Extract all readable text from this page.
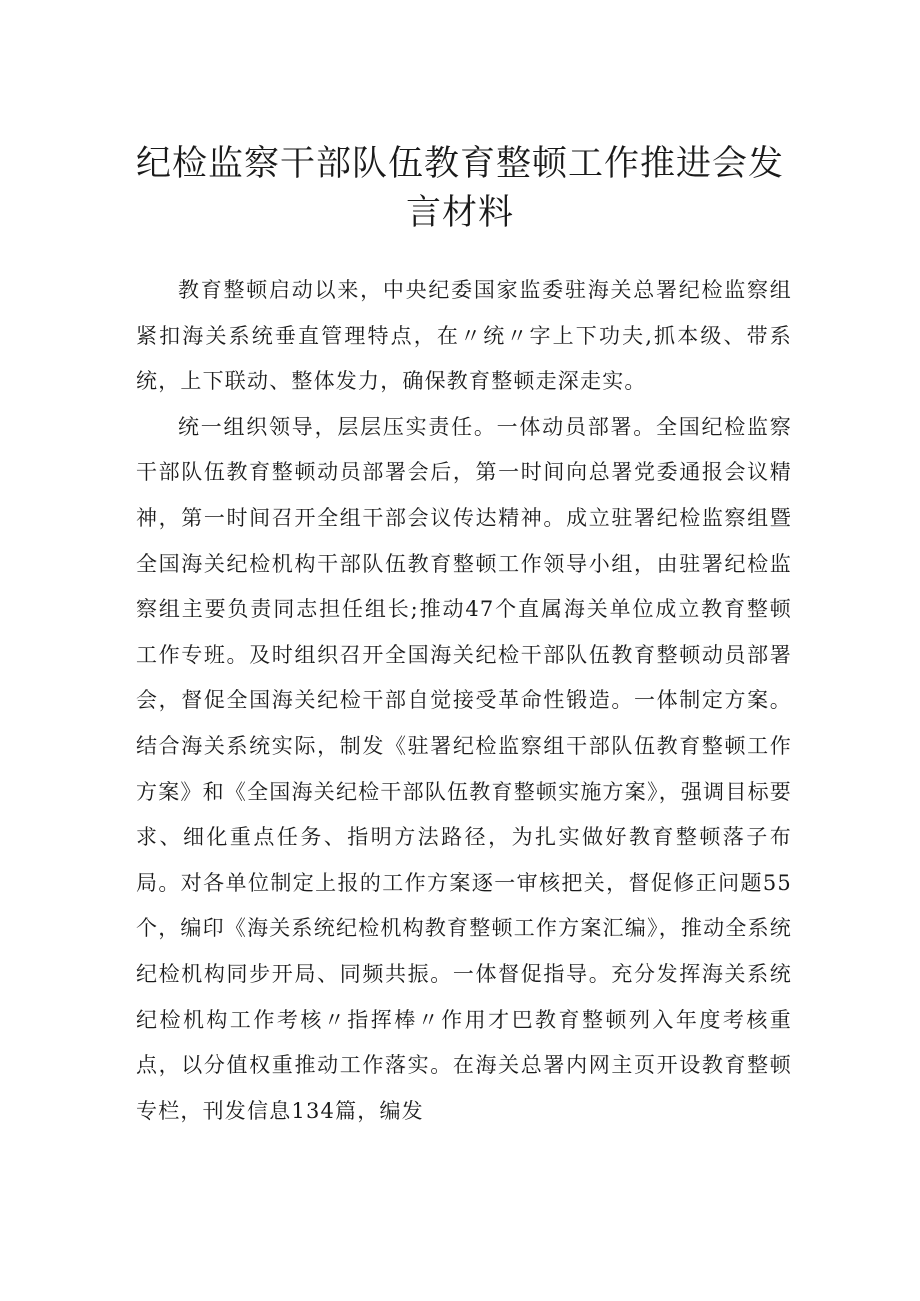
纪检监察干部队伍教育整顿工作推进会发
言材料

教育整顿启动以来，中央纪委国家监委驻海关总署纪检监察组紧扣海关系统垂直管理特点，在〃统〃字上下功夫,抓本级、带系统，上下联动、整体发力，确保教育整顿走深走实。

统一组织领导，层层压实责任。一体动员部署。全国纪检监察干部队伍教育整顿动员部署会后，第一时间向总署党委通报会议精神，第一时间召开全组干部会议传达精神。成立驻署纪检监察组暨全国海关纪检机构干部队伍教育整顿工作领导小组，由驻署纪检监察组主要负责同志担任组长;推动47个直属海关单位成立教育整顿工作专班。及时组织召开全国海关纪检干部队伍教育整顿动员部署会，督促全国海关纪检干部自觉接受革命性锻造。一体制定方案。结合海关系统实际，制发《驻署纪检监察组干部队伍教育整顿工作方案》和《全国海关纪检干部队伍教育整顿实施方案》，强调目标要求、细化重点任务、指明方法路径，为扎实做好教育整顿落子布局。对各单位制定上报的工作方案逐一审核把关，督促修正问题55个，编印《海关系统纪检机构教育整顿工作方案汇编》，推动全系统纪检机构同步开局、同频共振。一体督促指导。充分发挥海关系统纪检机构工作考核〃指挥棒〃作用才巴教育整顿列入年度考核重点，以分值权重推动工作落实。在海关总署内网主页开设教育整顿专栏，刊发信息134篇，编发
